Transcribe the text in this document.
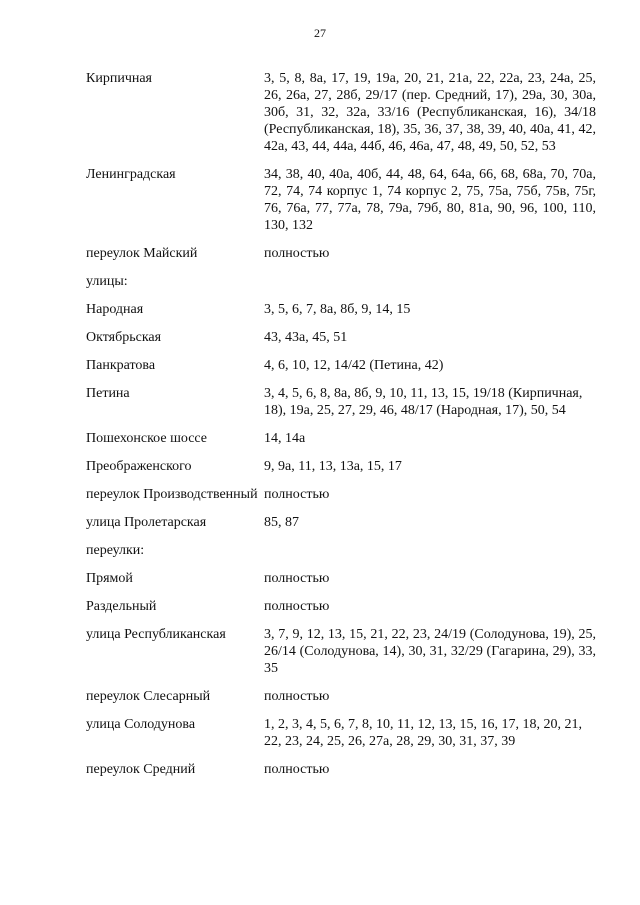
27
Кирпичная	3, 5, 8, 8а, 17, 19, 19а, 20, 21, 21а, 22, 22а, 23, 24а, 25, 26, 26а, 27, 28б, 29/17 (пер. Средний, 17), 29а, 30, 30а, 30б, 31, 32, 32а, 33/16 (Республиканская, 16), 34/18 (Республиканская, 18), 35, 36, 37, 38, 39, 40, 40а, 41, 42, 42а, 43, 44, 44а, 44б, 46, 46а, 47, 48, 49, 50, 52, 53
Ленинградская	34, 38, 40, 40а, 40б, 44, 48, 64, 64а, 66, 68, 68а, 70, 70а, 72, 74, 74 корпус 1, 74 корпус 2, 75, 75а, 75б, 75в, 75г, 76, 76а, 77, 77а, 78, 79а, 79б, 80, 81а, 90, 96, 100, 110, 130, 132
переулок Майский	полностью
улицы:
Народная	3, 5, 6, 7, 8а, 8б, 9, 14, 15
Октябрьская	43, 43а, 45, 51
Панкратова	4, 6, 10, 12, 14/42 (Петина, 42)
Петина	3, 4, 5, 6, 8, 8а, 8б, 9, 10, 11, 13, 15, 19/18 (Кирпичная, 18), 19а, 25, 27, 29, 46, 48/17 (Народная, 17), 50, 54
Пошехонское шоссе	14, 14а
Преображенского	9, 9а, 11, 13, 13а, 15, 17
переулок Производственный полностью
улица Пролетарская	85, 87
переулки:
Прямой	полностью
Раздельный	полностью
улица Республиканская	3, 7, 9, 12, 13, 15, 21, 22, 23, 24/19 (Солодунова, 19), 25, 26/14 (Солодунова, 14), 30, 31, 32/29 (Гагарина, 29), 33, 35
переулок Слесарный	полностью
улица Солодунова	1, 2, 3, 4, 5, 6, 7, 8, 10, 11, 12, 13, 15, 16, 17, 18, 20, 21, 22, 23, 24, 25, 26, 27а, 28, 29, 30, 31, 37, 39
переулок Средний	полностью
